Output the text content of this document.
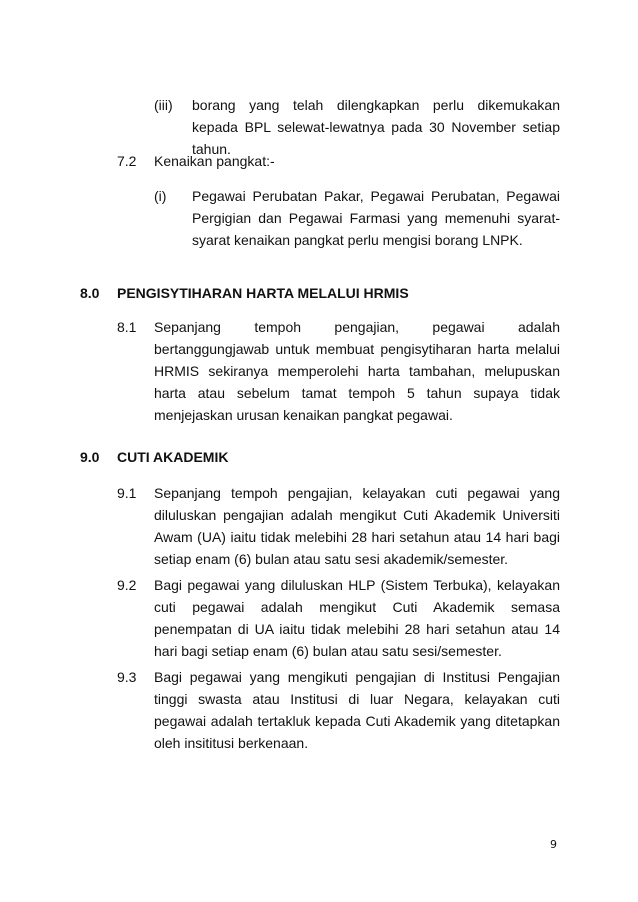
(iii) borang yang telah dilengkapkan perlu dikemukakan kepada BPL selewat-lewatnya pada 30 November setiap tahun.

7.2 Kenaikan pangkat:-

(i) Pegawai Perubatan Pakar, Pegawai Perubatan, Pegawai Pergigian dan Pegawai Farmasi yang memenuhi syarat-syarat kenaikan pangkat perlu mengisi borang LNPK.

8.0 PENGISYTIHARAN HARTA MELALUI HRMIS
8.1 Sepanjang tempoh pengajian, pegawai adalah bertanggungjawab untuk membuat pengisytiharan harta melalui HRMIS sekiranya memperolehi harta tambahan, melupuskan harta atau sebelum tamat tempoh 5 tahun supaya tidak menjejaskan urusan kenaikan pangkat pegawai.

9.0 CUTI AKADEMIK
9.1 Sepanjang tempoh pengajian, kelayakan cuti pegawai yang diluluskan pengajian adalah mengikut Cuti Akademik Universiti Awam (UA) iaitu tidak melebihi 28 hari setahun atau 14 hari bagi setiap enam (6) bulan atau satu sesi akademik/semester.

9.2 Bagi pegawai yang diluluskan HLP (Sistem Terbuka), kelayakan cuti pegawai adalah mengikut Cuti Akademik semasa penempatan di UA iaitu tidak melebihi 28 hari setahun atau 14 hari bagi setiap enam (6) bulan atau satu sesi/semester.

9.3 Bagi pegawai yang mengikuti pengajian di Institusi Pengajian tinggi swasta atau Institusi di luar Negara, kelayakan cuti pegawai adalah tertakluk kepada Cuti Akademik yang ditetapkan oleh insititusi berkenaan.

9
